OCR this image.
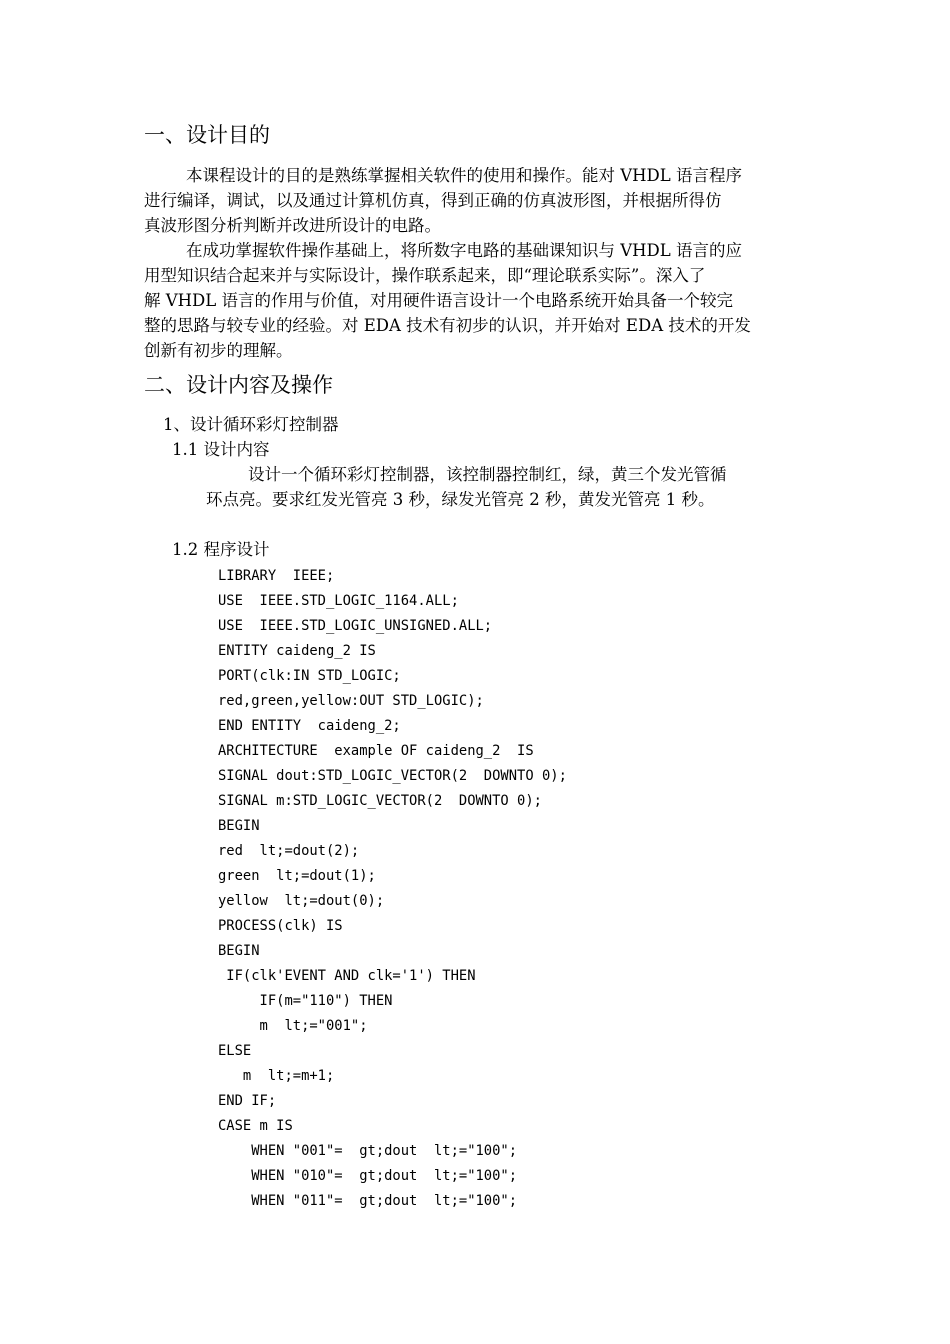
一、设计目的
本课程设计的目的是熟练掌握相关软件的使用和操作。能对 VHDL 语言程序
进行编译，调试，以及通过计算机仿真，得到正确的仿真波形图，并根据所得仿
真波形图分析判断并改进所设计的电路。
在成功掌握软件操作基础上，将所数字电路的基础课知识与 VHDL 语言的应
用型知识结合起来并与实际设计，操作联系起来，即“理论联系实际”。深入了
解 VHDL 语言的作用与价值，对用硬件语言设计一个电路系统开始具备一个较完
整的思路与较专业的经验。对 EDA 技术有初步的认识，并开始对 EDA 技术的开发
创新有初步的理解。
二、设计内容及操作
1、设计循环彩灯控制器
1.1 设计内容
设计一个循环彩灯控制器，该控制器控制红，绿，黄三个发光管循
环点亮。要求红发光管亮 3 秒，绿发光管亮 2 秒，黄发光管亮 1 秒。
1.2 程序设计
LIBRARY  IEEE;
USE  IEEE.STD_LOGIC_1164.ALL;
USE  IEEE.STD_LOGIC_UNSIGNED.ALL;
ENTITY caideng_2 IS
PORT(clk:IN STD_LOGIC;
red,green,yellow:OUT STD_LOGIC);
END ENTITY  caideng_2;
ARCHITECTURE  example OF caideng_2  IS
SIGNAL dout:STD_LOGIC_VECTOR(2  DOWNTO 0);
SIGNAL m:STD_LOGIC_VECTOR(2  DOWNTO 0);
BEGIN
red  lt;=dout(2);
green  lt;=dout(1);
yellow  lt;=dout(0);
PROCESS(clk) IS
BEGIN
IF(clk'EVENT AND clk='1') THEN
IF(m="110") THEN
m  lt;="001";
ELSE
m  lt;=m+1;
END IF;
CASE m IS
WHEN "001"=  gt;dout  lt;="100";
WHEN "010"=  gt;dout  lt;="100";
WHEN "011"=  gt;dout  lt;="100";
